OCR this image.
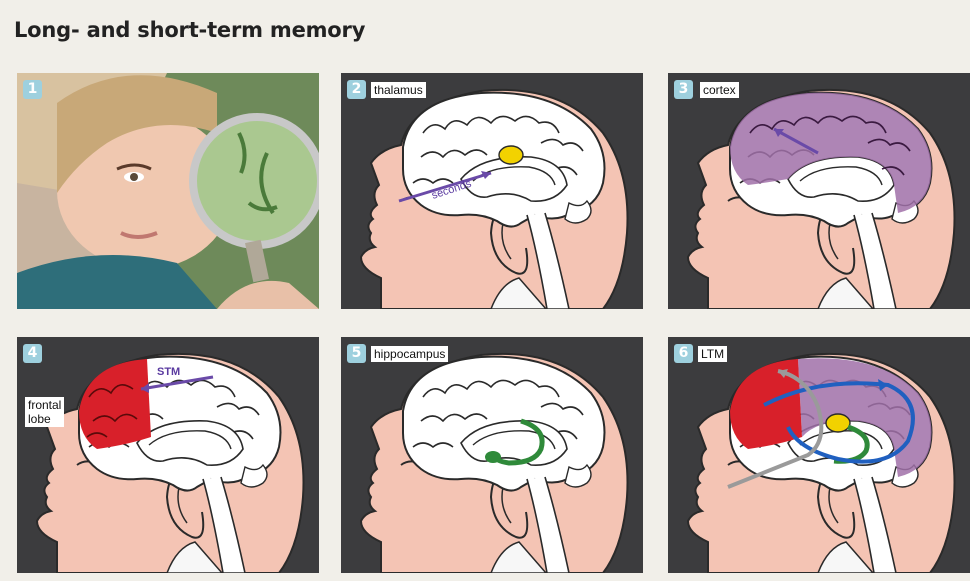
Long- and short-term memory
1
seconds
2	thalamus	3	cortex
STM
4
frontal
lobe
5	hippocampus	6	LTM
